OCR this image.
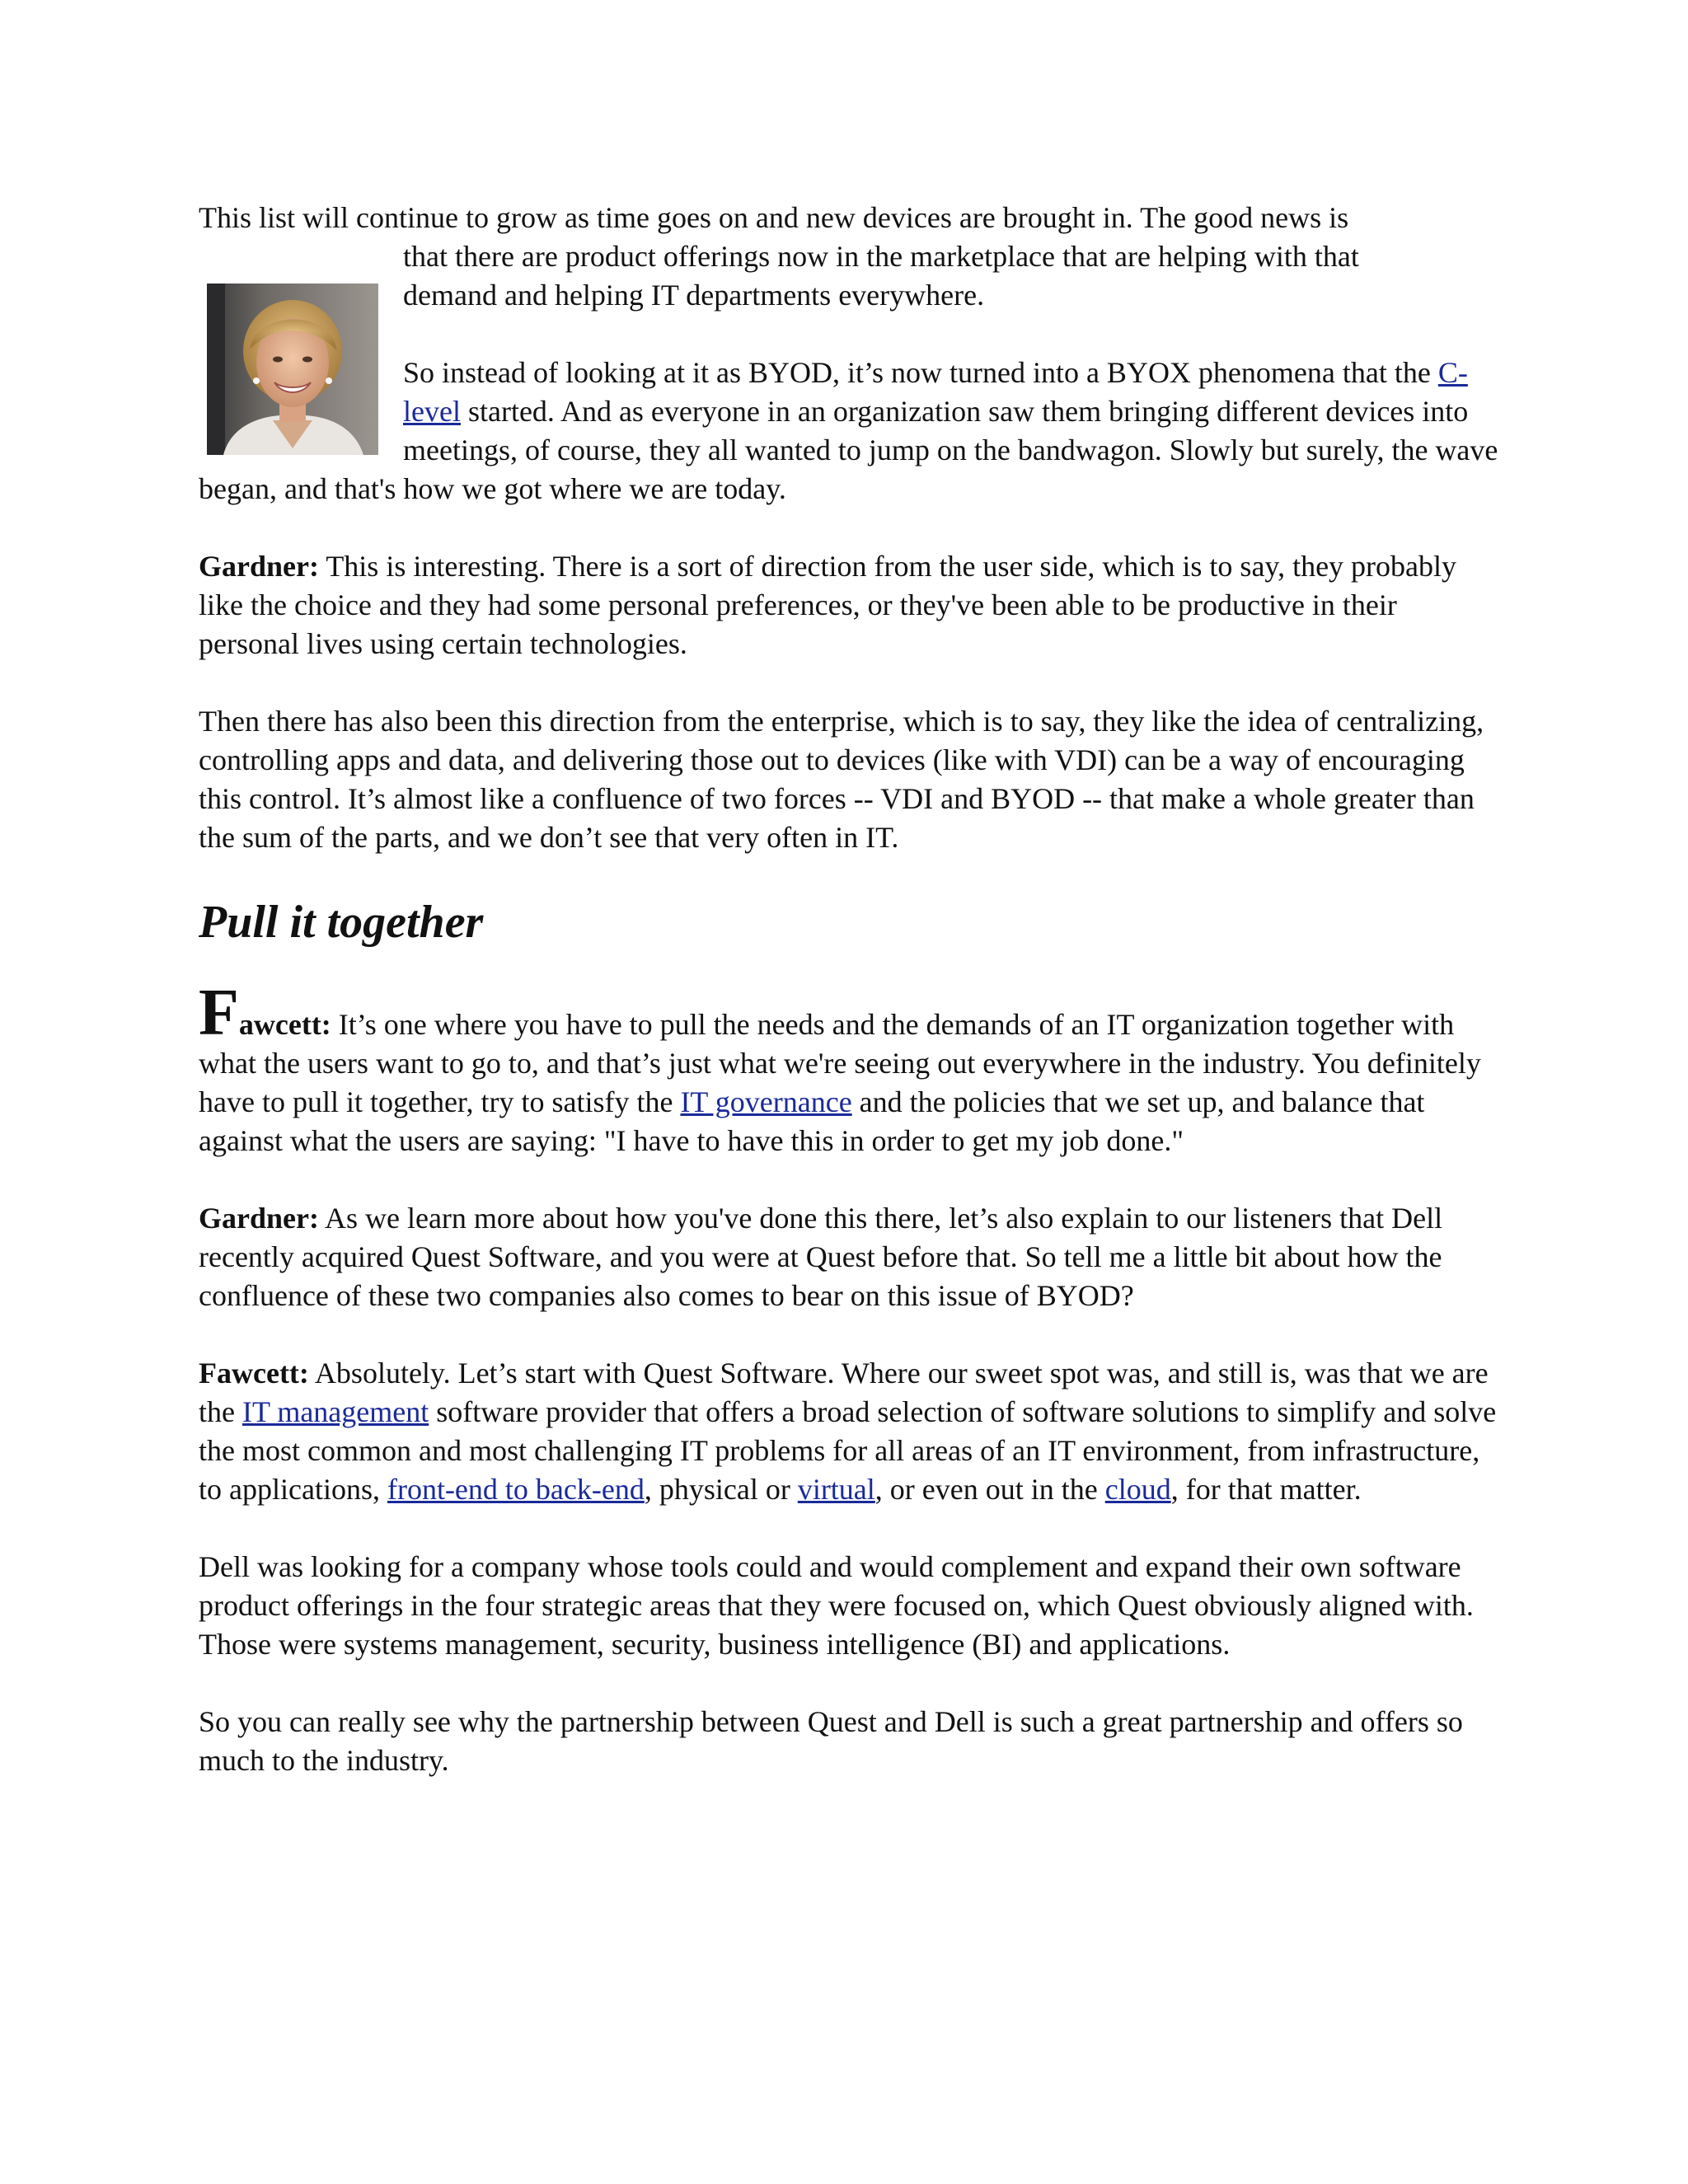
This list will continue to grow as time goes on and new devices are brought in. The good news is
that there are product offerings now in the marketplace that are helping with that
demand and helping IT departments everywhere.
So instead of looking at it as BYOD, it’s now turned into a BYOX phenomena that the C-level started. And as everyone in an organization saw them bringing different devices into meetings, of course, they all wanted to jump on the bandwagon. Slowly but surely, the wave began, and that's how we got where we are today.
Gardner: This is interesting. There is a sort of direction from the user side, which is to say, they probably like the choice and they had some personal preferences, or they've been able to be productive in their personal lives using certain technologies.
Then there has also been this direction from the enterprise, which is to say, they like the idea of centralizing, controlling apps and data, and delivering those out to devices (like with VDI) can be a way of encouraging this control. It’s almost like a confluence of two forces -- VDI and BYOD -- that make a whole greater than the sum of the parts, and we don’t see that very often in IT.
Pull it together
Fawcett: It’s one where you have to pull the needs and the demands of an IT organization together with what the users want to go to, and that’s just what we're seeing out everywhere in the industry. You definitely have to pull it together, try to satisfy the IT governance and the policies that we set up, and balance that against what the users are saying: "I have to have this in order to get my job done."
Gardner: As we learn more about how you've done this there, let’s also explain to our listeners that Dell recently acquired Quest Software, and you were at Quest before that. So tell me a little bit about how the confluence of these two companies also comes to bear on this issue of BYOD?
Fawcett: Absolutely. Let’s start with Quest Software. Where our sweet spot was, and still is, was that we are the IT management software provider that offers a broad selection of software solutions to simplify and solve the most common and most challenging IT problems for all areas of an IT environment, from infrastructure, to applications, front-end to back-end, physical or virtual, or even out in the cloud, for that matter.
Dell was looking for a company whose tools could and would complement and expand their own software product offerings in the four strategic areas that they were focused on, which Quest obviously aligned with. Those were systems management, security, business intelligence (BI) and applications.
So you can really see why the partnership between Quest and Dell is such a great partnership and offers so much to the industry.
